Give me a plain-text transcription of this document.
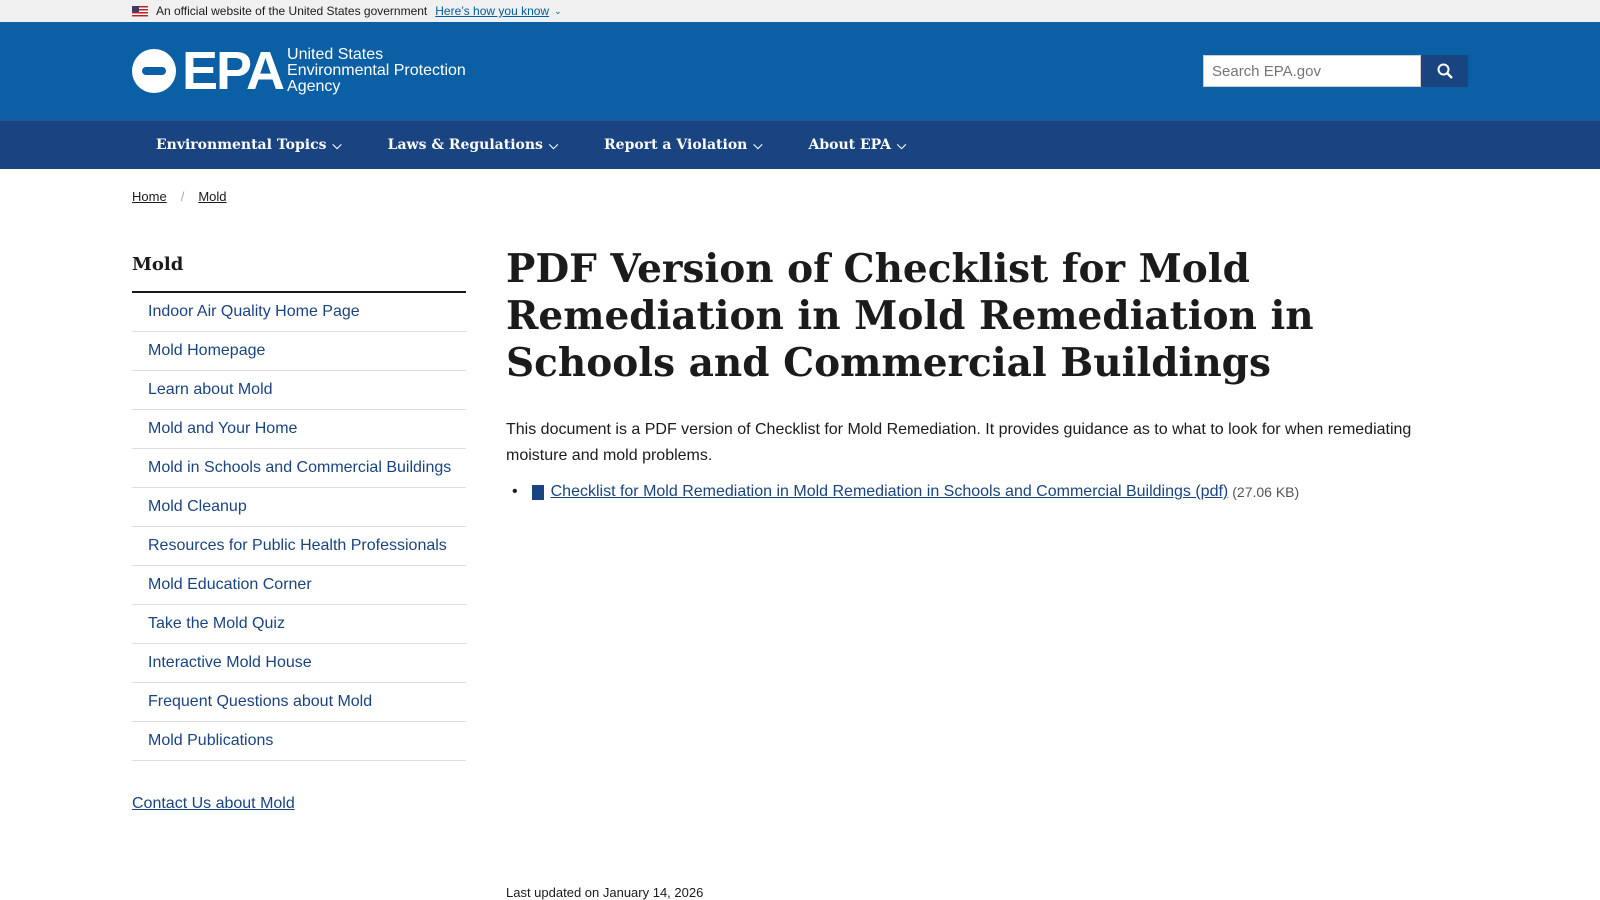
An official website of the United States government Here’s how you know ⌄
EPA United States
Environmental Protection
Agency
Search EPA.gov
Environmental Topics ⌵	Laws & Regulations ⌵	Report a Violation ⌵	About EPA ⌵
Home / Mold
Mold
Indoor Air Quality Home Page
Mold Homepage
Learn about Mold
Mold and Your Home
Mold in Schools and Commercial Buildings
Mold Cleanup
Resources for Public Health Professionals
Mold Education Corner
Take the Mold Quiz
Interactive Mold House
Frequent Questions about Mold
Mold Publications
Contact Us about Mold
PDF Version of Checklist for Mold Remediation in Mold Remediation in Schools and Commercial Buildings

This document is a PDF version of Checklist for Mold Remediation. It provides guidance as to what to look for when remediating moisture and mold problems.

• Checklist for Mold Remediation in Mold Remediation in Schools and Commercial Buildings (pdf) (27.06 KB)
Last updated on January 14, 2026
